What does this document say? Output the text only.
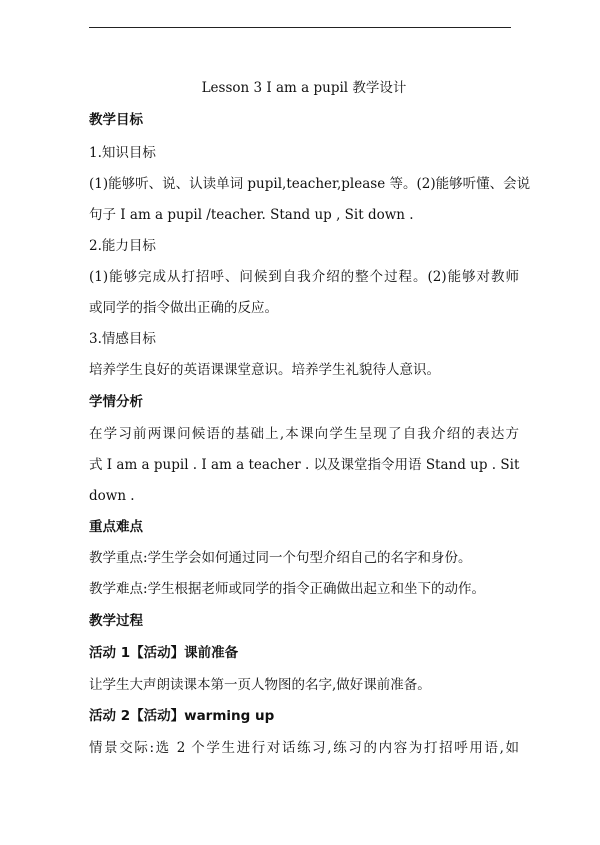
Lesson 3 I am a pupil 教学设计
教学目标
1.知识目标
(1)能够听、说、认读单词 pupil,teacher,please 等。(2)能够听懂、会说
句子 I am a pupil /teacher. Stand up , Sit down .
2.能力目标
(1)能够完成从打招呼、问候到自我介绍的整个过程。(2)能够对教师
或同学的指令做出正确的反应。
3.情感目标
培养学生良好的英语课课堂意识。培养学生礼貌待人意识。
学情分析
在学习前两课问候语的基础上,本课向学生呈现了自我介绍的表达方
式 I am a pupil . I am a teacher . 以及课堂指令用语 Stand up . Sit
down .
重点难点
教学重点:学生学会如何通过同一个句型介绍自己的名字和身份。
教学难点:学生根据老师或同学的指令正确做出起立和坐下的动作。
教学过程
活动 1【活动】课前准备
让学生大声朗读课本第一页人物图的名字,做好课前准备。
活动 2【活动】warming up
情景交际:选 2 个学生进行对话练习,练习的内容为打招呼用语,如
